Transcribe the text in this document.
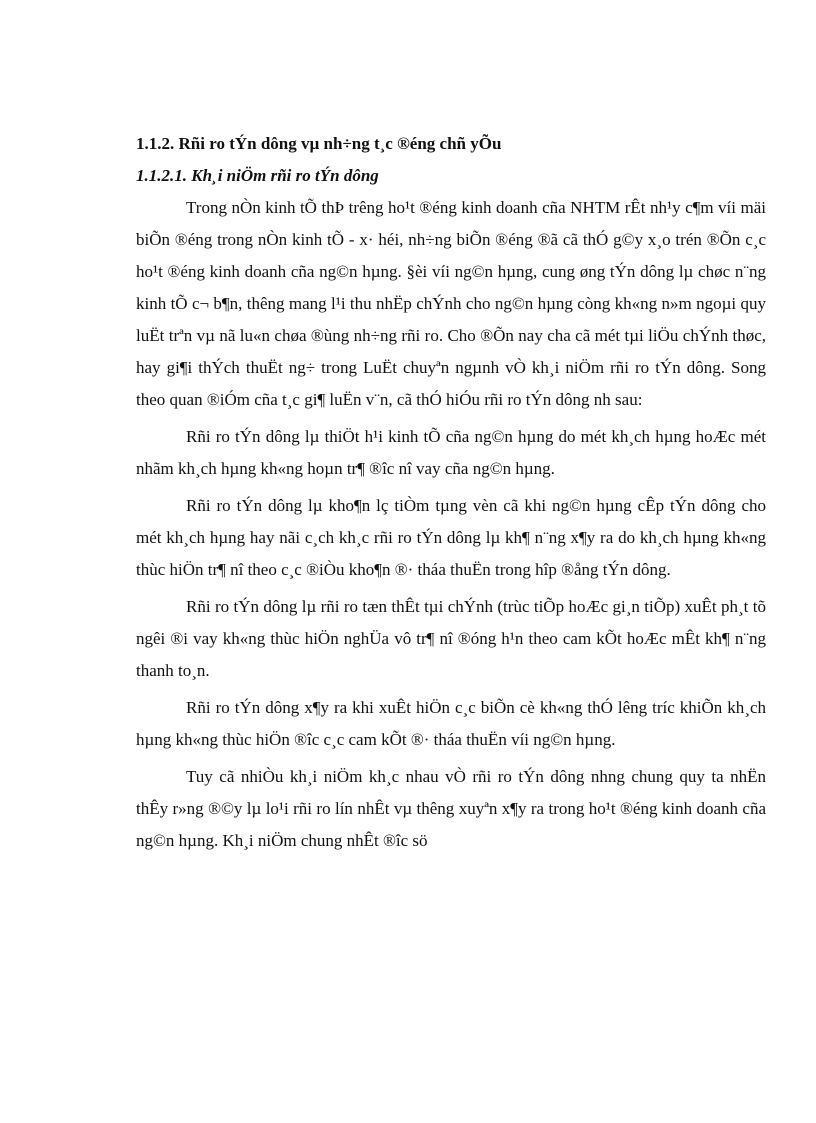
1.1.2. Rñi ro tÝn dông vµ nh÷ng t¸c ®éng chñ yÕu
1.1.2.1. Kh¸i niÖm rñi ro tÝn dông

Trong nÒn kinh tÕ thÞ trêng ho¹t ®éng kinh doanh cña NHTM rÊt nh¹y c¶m víi mäi biÕn ®éng trong nÒn kinh tÕ - x· héi, nh÷ng biÕn ®éng ®ã cã thÓ g©y x¸o trén ®Õn c¸c ho¹t ®éng kinh doanh cña ng©n hµng. §èi víi ng©n hµng, cung øng tÝn dông lµ chøc n¨ng kinh tÕ c¬ b¶n, thêng mang l¹i thu nhËp chÝnh cho ng©n hµng còng kh«ng n»m ngoµi quy luËt trªn vµ nã lu«n chøa ®ùng nh÷ng rñi ro. Cho ®Õn nay cha cã mét tµi liÖu chÝnh thøc, hay gi¶i thÝch thuËt ng÷ trong LuËt chuyªn ngµnh vÒ kh¸i niÖm rñi ro tÝn dông. Song theo quan ®iÓm cña t¸c gi¶ luËn v¨n, cã thÓ hiÓu rñi ro tÝn dông nh sau:

Rñi ro tÝn dông lµ thiÖt h¹i kinh tÕ cña ng©n hµng do mét kh¸ch hµng hoÆc mét nhãm kh¸ch hµng kh«ng hoµn tr¶ ®îc nî vay cña ng©n hµng.

Rñi ro tÝn dông lµ kho¶n lç tiÒm tµng vèn cã khi ng©n hµng cÊp tÝn dông cho mét kh¸ch hµng hay nãi c¸ch kh¸c rñi ro tÝn dông lµ kh¶ n¨ng x¶y ra do kh¸ch hµng kh«ng thùc hiÖn tr¶ nî theo c¸c ®iÒu kho¶n ®· tháa thuËn trong hîp ®ång tÝn dông.

Rñi ro tÝn dông lµ rñi ro tæn thÊt tµi chÝnh (trùc tiÕp hoÆc gi¸n tiÕp) xuÊt ph¸t tõ ngêi ®i vay kh«ng thùc hiÖn nghÜa vô tr¶ nî ®óng h¹n theo cam kÕt hoÆc mÊt kh¶ n¨ng thanh to¸n.

Rñi ro tÝn dông x¶y ra khi xuÊt hiÖn c¸c biÕn cè kh«ng thÓ lêng tríc khiÕn kh¸ch hµng kh«ng thùc hiÖn ®îc c¸c cam kÕt ®· tháa thuËn víi ng©n hµng.

Tuy cã nhiÒu kh¸i niÖm kh¸c nhau vÒ rñi ro tÝn dông nhng chung quy ta nhËn thÊy r»ng ®©y lµ lo¹i rñi ro lín nhÊt vµ thêng xuyªn x¶y ra trong ho¹t ®éng kinh doanh cña ng©n hµng. Kh¸i niÖm chung nhÊt ®îc sö
